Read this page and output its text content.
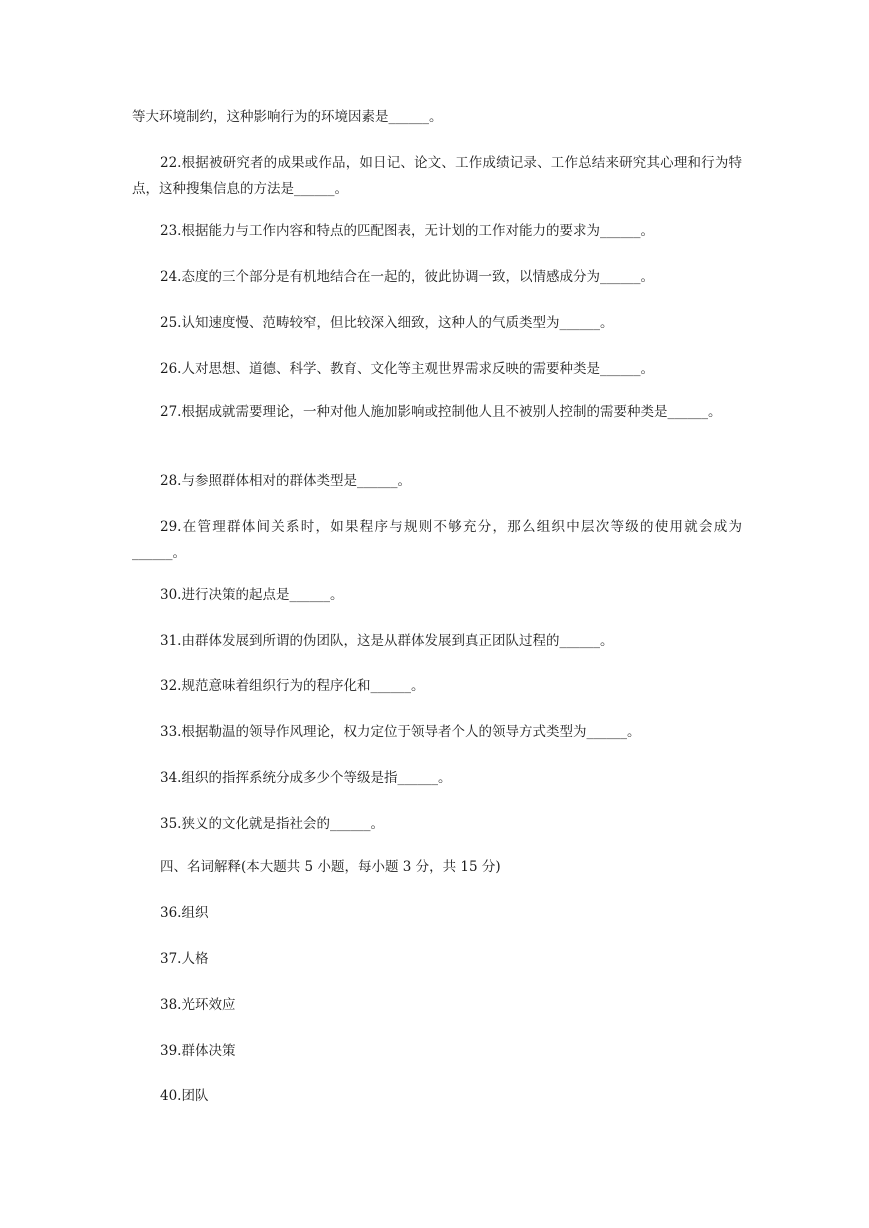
等大环境制约，这种影响行为的环境因素是______。
22.根据被研究者的成果或作品，如日记、论文、工作成绩记录、工作总结来研究其心理和行为特点，这种搜集信息的方法是______。
23.根据能力与工作内容和特点的匹配图表，无计划的工作对能力的要求为______。
24.态度的三个部分是有机地结合在一起的，彼此协调一致，以情感成分为______。
25.认知速度慢、范畴较窄，但比较深入细致，这种人的气质类型为______。
26.人对思想、道德、科学、教育、文化等主观世界需求反映的需要种类是______。
27.根据成就需要理论，一种对他人施加影响或控制他人且不被别人控制的需要种类是______。
28.与参照群体相对的群体类型是______。
29.在管理群体间关系时，如果程序与规则不够充分，那么组织中层次等级的使用就会成为______。
30.进行决策的起点是______。
31.由群体发展到所谓的伪团队，这是从群体发展到真正团队过程的______。
32.规范意味着组织行为的程序化和______。
33.根据勒温的领导作风理论，权力定位于领导者个人的领导方式类型为______。
34.组织的指挥系统分成多少个等级是指______。
35.狭义的文化就是指社会的______。
四、名词解释(本大题共 5 小题，每小题 3 分，共 15 分)
36.组织
37.人格
38.光环效应
39.群体决策
40.团队
